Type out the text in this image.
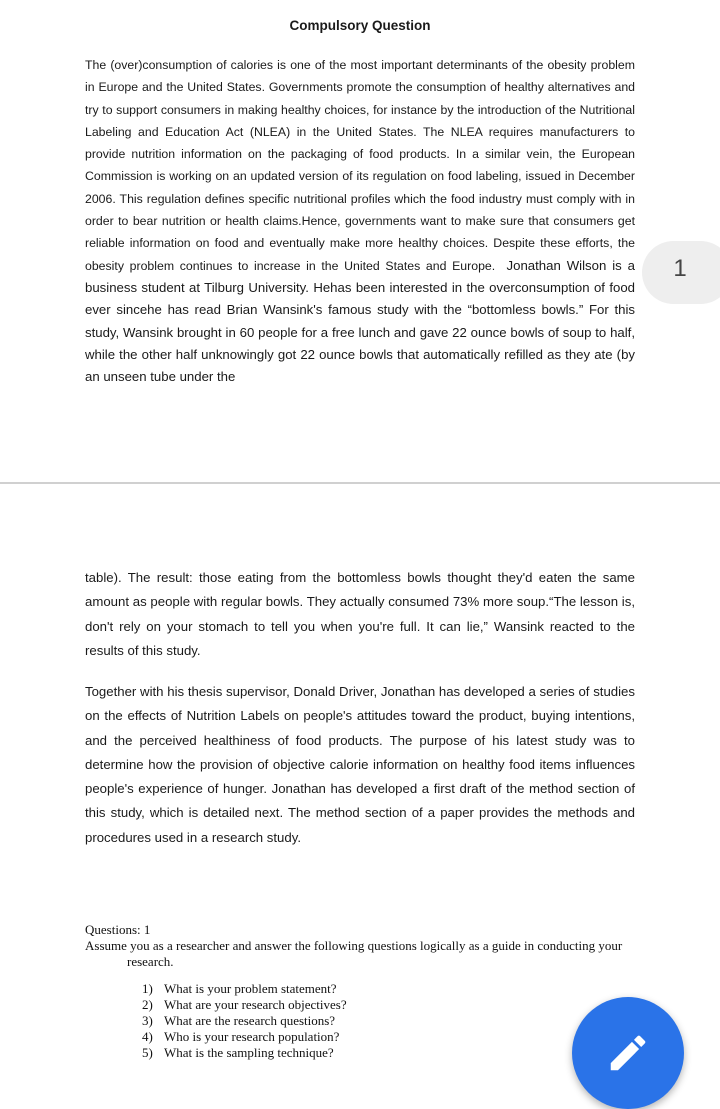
Compulsory Question

The (over)consumption of calories is one of the most important determinants of the obesity problem in Europe and the United States. Governments promote the consumption of healthy alternatives and try to support consumers in making healthy choices, for instance by the introduction of the Nutritional Labeling and Education Act (NLEA) in the United States. The NLEA requires manufacturers to provide nutrition information on the packaging of food products. In a similar vein, the European Commission is working on an updated version of its regulation on food labeling, issued in December 2006. This regulation defines specific nutritional profiles which the food industry must comply with in order to bear nutrition or health claims.Hence, governments want to make sure that consumers get reliable information on food and eventually make more healthy choices. Despite these efforts, the obesity problem continues to increase in the United States and Europe. Jonathan Wilson is a business student at Tilburg University. Hehas been interested in the overconsumption of food ever sincehe has read Brian Wansink's famous study with the “bottomless bowls.” For this study, Wansink brought in 60 people for a free lunch and gave 22 ounce bowls of soup to half, while the other half unknowingly got 22 ounce bowls that automatically refilled as they ate (by an unseen tube under the

1

table). The result: those eating from the bottomless bowls thought they'd eaten the same amount as people with regular bowls. They actually consumed 73% more soup.“The lesson is, don't rely on your stomach to tell you when you're full. It can lie,” Wansink reacted to the results of this study.

Together with his thesis supervisor, Donald Driver, Jonathan has developed a series of studies on the effects of Nutrition Labels on people's attitudes toward the product, buying intentions, and the perceived healthiness of food products. The purpose of his latest study was to determine how the provision of objective calorie information on healthy food items influences people's experience of hunger. Jonathan has developed a first draft of the method section of this study, which is detailed next. The method section of a paper provides the methods and procedures used in a research study.

Questions: 1

Assume you as a researcher and answer the following questions logically as a guide in conducting your research.

1) What is your problem statement?
2) What are your research objectives?
3) What are the research questions?
4) Who is your research population?
5) What is the sampling technique?
